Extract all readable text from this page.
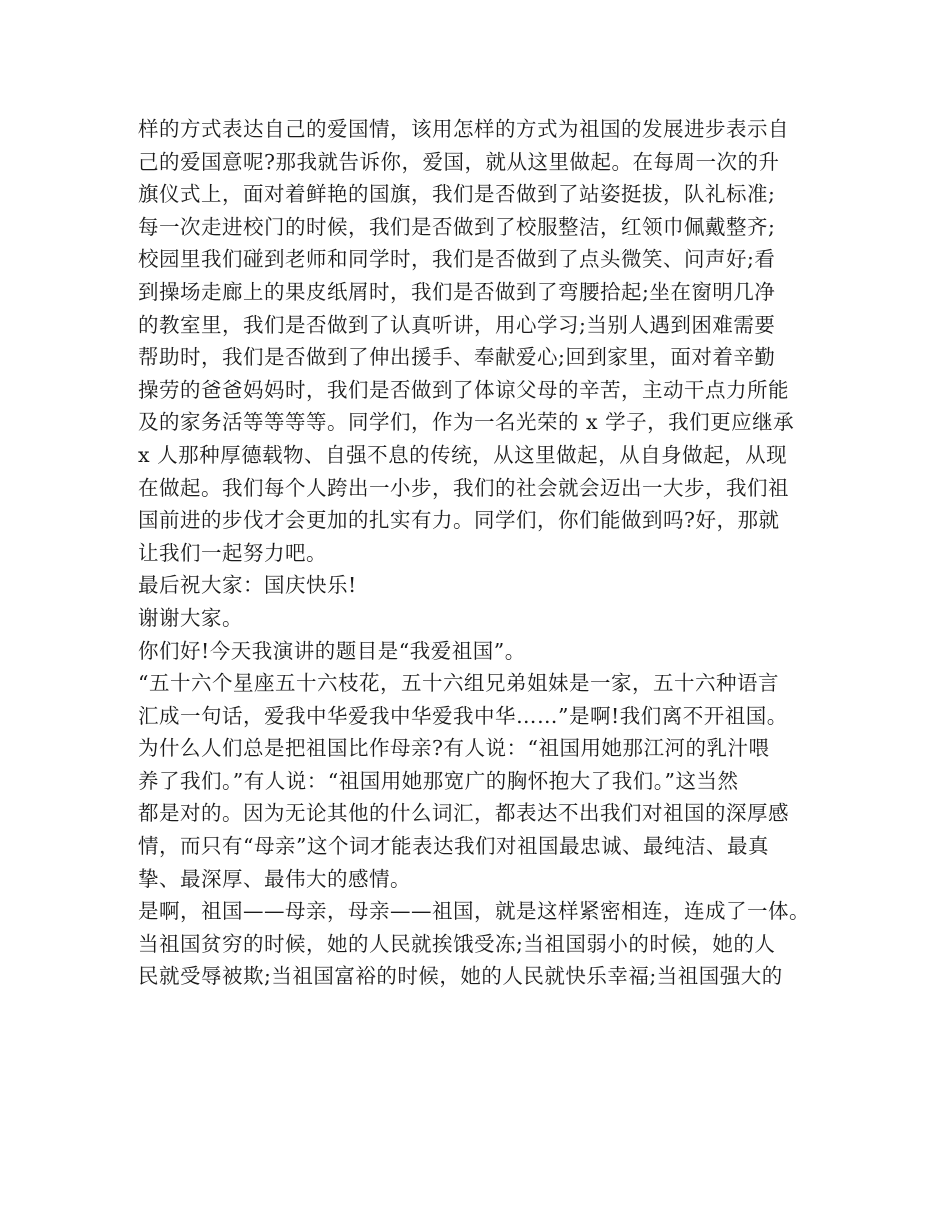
样的方式表达自己的爱国情，该用怎样的方式为祖国的发展进步表示自
己的爱国意呢?那我就告诉你，爱国，就从这里做起。在每周一次的升
旗仪式上，面对着鲜艳的国旗，我们是否做到了站姿挺拔，队礼标准;
每一次走进校门的时候，我们是否做到了校服整洁，红领巾佩戴整齐;
校园里我们碰到老师和同学时，我们是否做到了点头微笑、问声好;看
到操场走廊上的果皮纸屑时，我们是否做到了弯腰拾起;坐在窗明几净
的教室里，我们是否做到了认真听讲，用心学习;当别人遇到困难需要
帮助时，我们是否做到了伸出援手、奉献爱心;回到家里，面对着辛勤
操劳的爸爸妈妈时，我们是否做到了体谅父母的辛苦，主动干点力所能
及的家务活等等等等。同学们，作为一名光荣的 x 学子，我们更应继承
x 人那种厚德载物、自强不息的传统，从这里做起，从自身做起，从现
在做起。我们每个人跨出一小步，我们的社会就会迈出一大步，我们祖
国前进的步伐才会更加的扎实有力。同学们，你们能做到吗?好，那就
让我们一起努力吧。
最后祝大家：国庆快乐!
谢谢大家。
你们好!今天我演讲的题目是“我爱祖国”。
“五十六个星座五十六枝花，五十六组兄弟姐妹是一家，五十六种语言
汇成一句话，爱我中华爱我中华爱我中华……”是啊!我们离不开祖国。
为什么人们总是把祖国比作母亲?有人说：“祖国用她那江河的乳汁喂
养了我们。”有人说：“祖国用她那宽广的胸怀抱大了我们。”这当然
都是对的。因为无论其他的什么词汇，都表达不出我们对祖国的深厚感
情，而只有“母亲”这个词才能表达我们对祖国最忠诚、最纯洁、最真
挚、最深厚、最伟大的感情。
是啊，祖国——母亲，母亲——祖国，就是这样紧密相连，连成了一体。
当祖国贫穷的时候，她的人民就挨饿受冻;当祖国弱小的时候，她的人
民就受辱被欺;当祖国富裕的时候，她的人民就快乐幸福;当祖国强大的
